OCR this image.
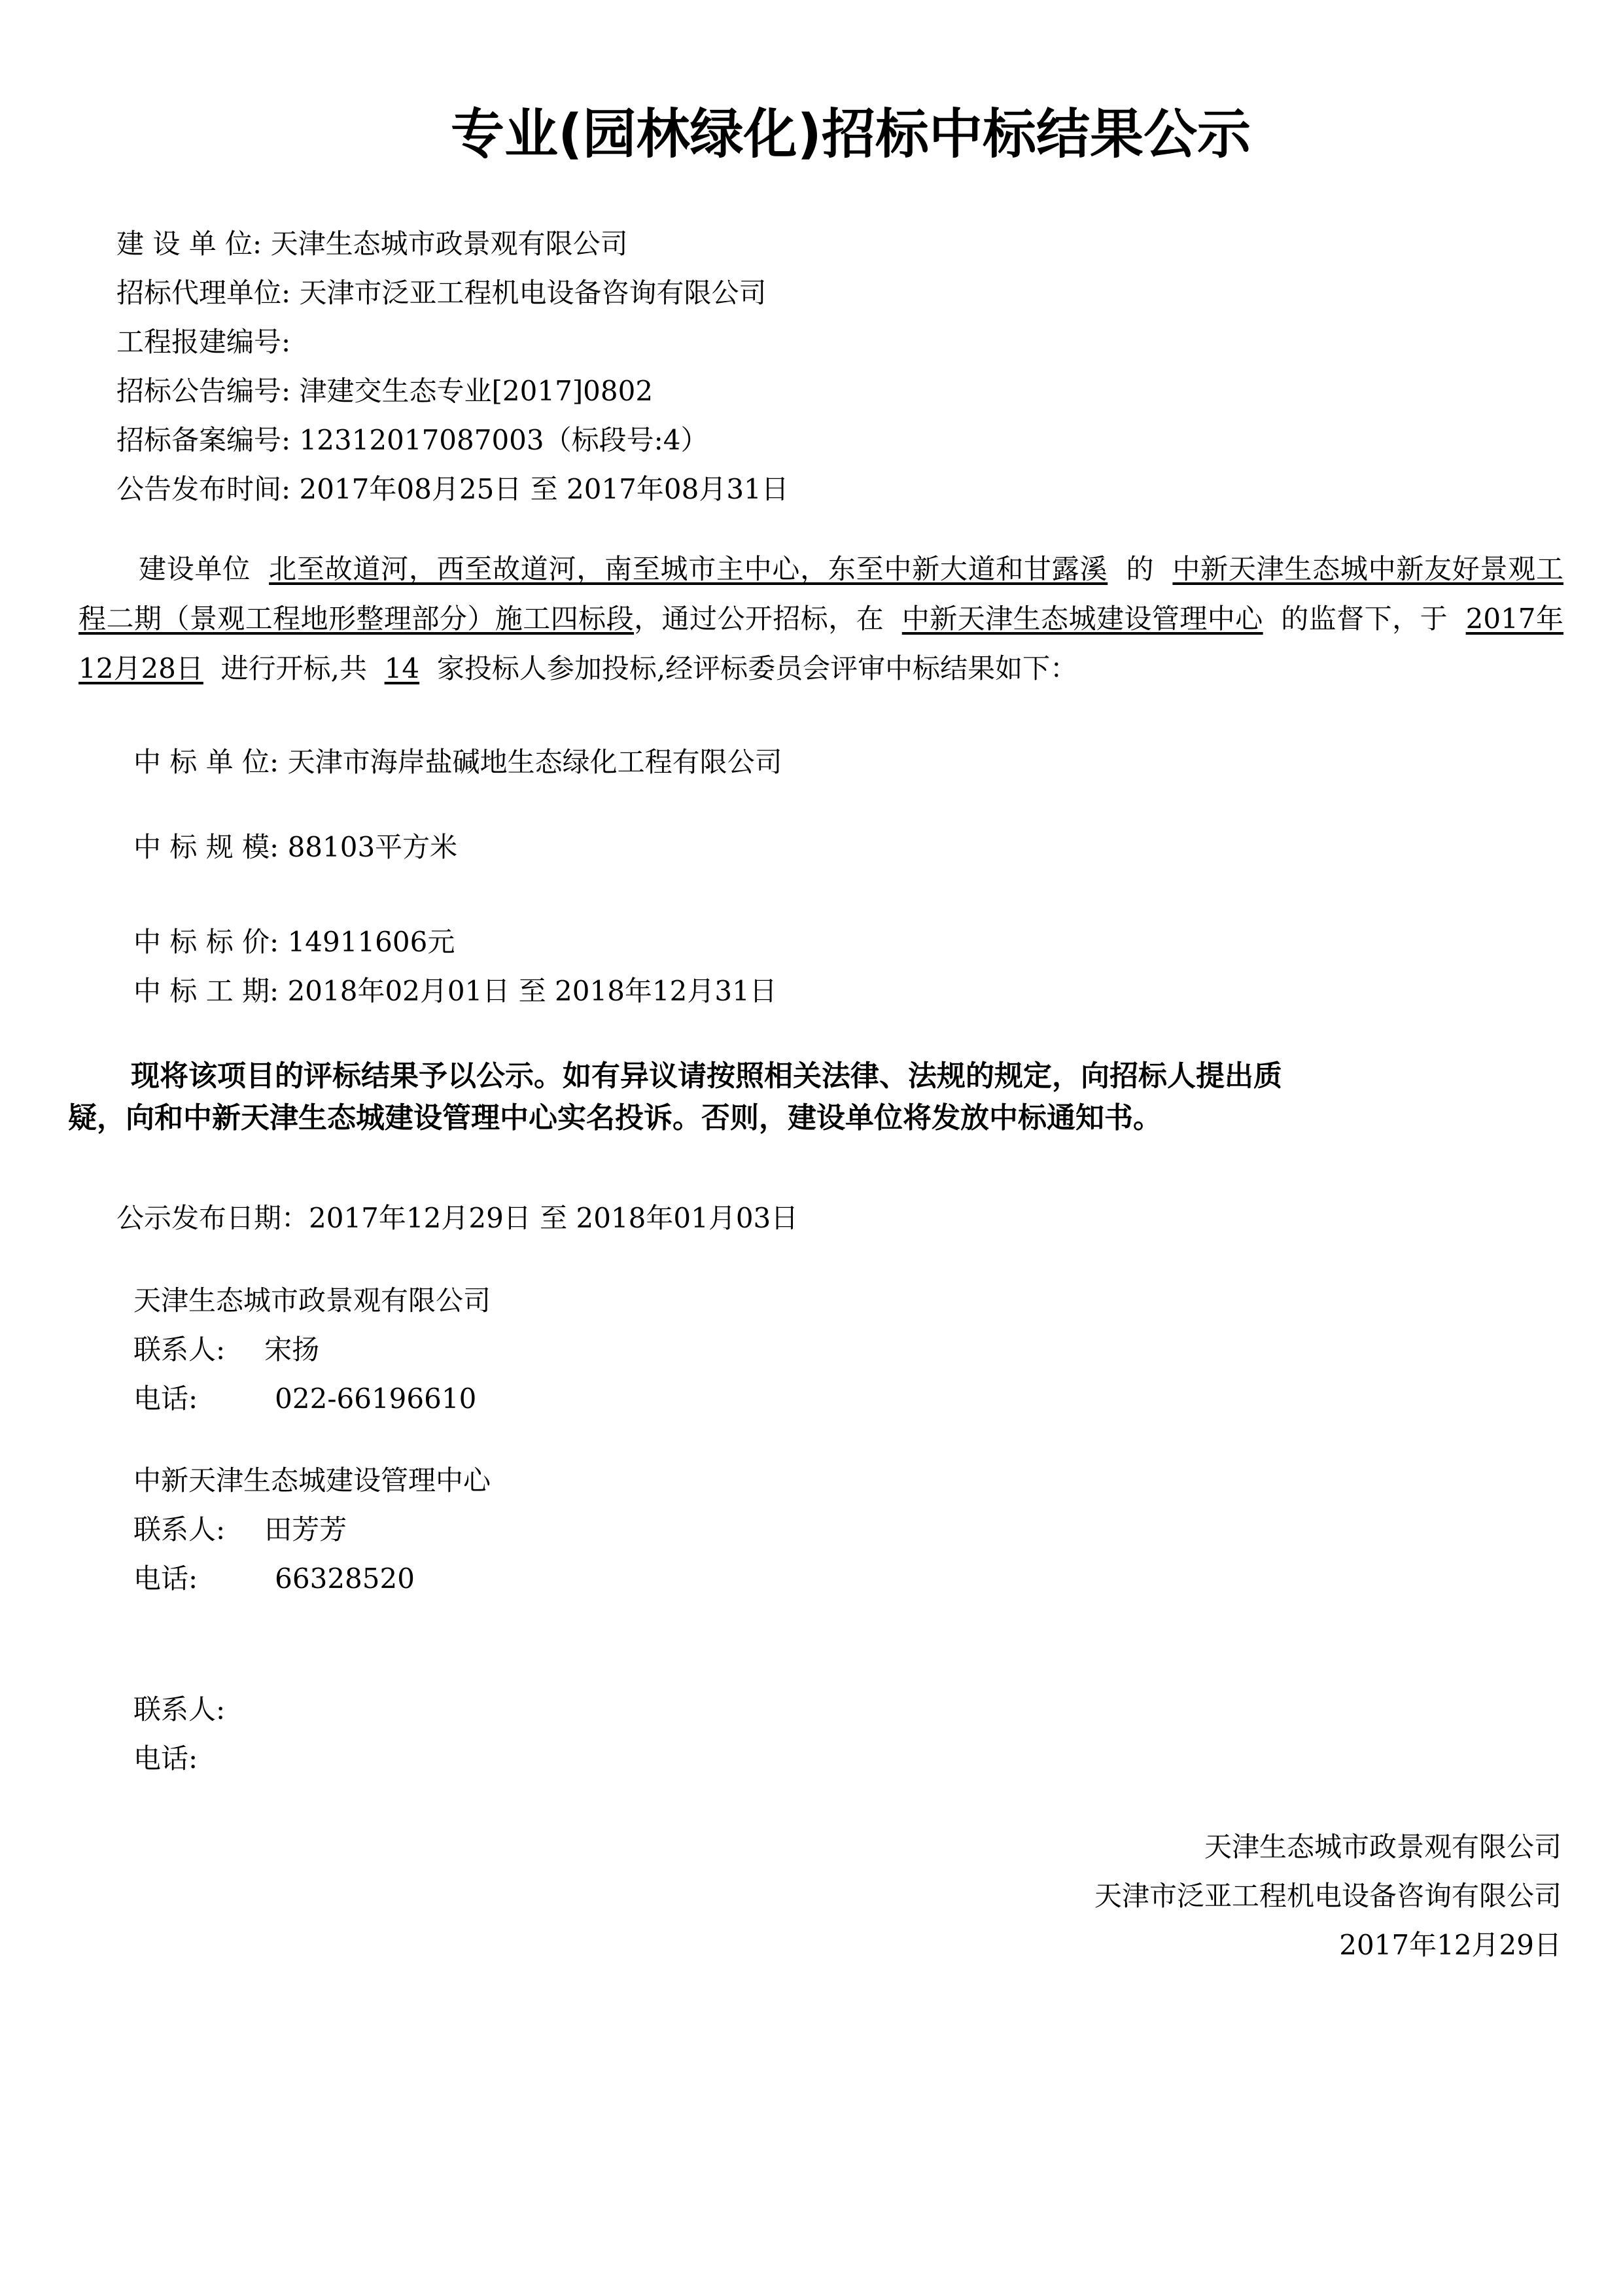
专业(园林绿化)招标中标结果公示
建 设 单 位: 天津生态城市政景观有限公司
招标代理单位: 天津市泛亚工程机电设备咨询有限公司
工程报建编号:
招标公告编号: 津建交生态专业[2017]0802
招标备案编号: 12312017087003（标段号:4）
公告发布时间: 2017年08月25日 至 2017年08月31日
建设单位 北至故道河，西至故道河，南至城市主中心，东至中新大道和甘露溪 的 中新天津生态城中新友好景观工程二期（景观工程地形整理部分）施工四标段，通过公开招标，在 中新天津生态城建设管理中心 的监督下，于 2017年12月28日 进行开标,共 14 家投标人参加投标,经评标委员会评审中标结果如下：
中 标 单 位: 天津市海岸盐碱地生态绿化工程有限公司
中 标 规 模: 88103平方米
中 标 标 价: 14911606元
中 标 工 期: 2018年02月01日 至 2018年12月31日
现将该项目的评标结果予以公示。如有异议请按照相关法律、法规的规定，向招标人提出质
疑，向和中新天津生态城建设管理中心实名投诉。否则，建设单位将发放中标通知书。
公示发布日期：2017年12月29日 至 2018年01月03日
天津生态城市政景观有限公司
联系人: 宋扬
电话:	022-66196610
中新天津生态城建设管理中心
联系人: 田芳芳
电话:	66328520
联系人:
电话:
天津生态城市政景观有限公司
天津市泛亚工程机电设备咨询有限公司
2017年12月29日
